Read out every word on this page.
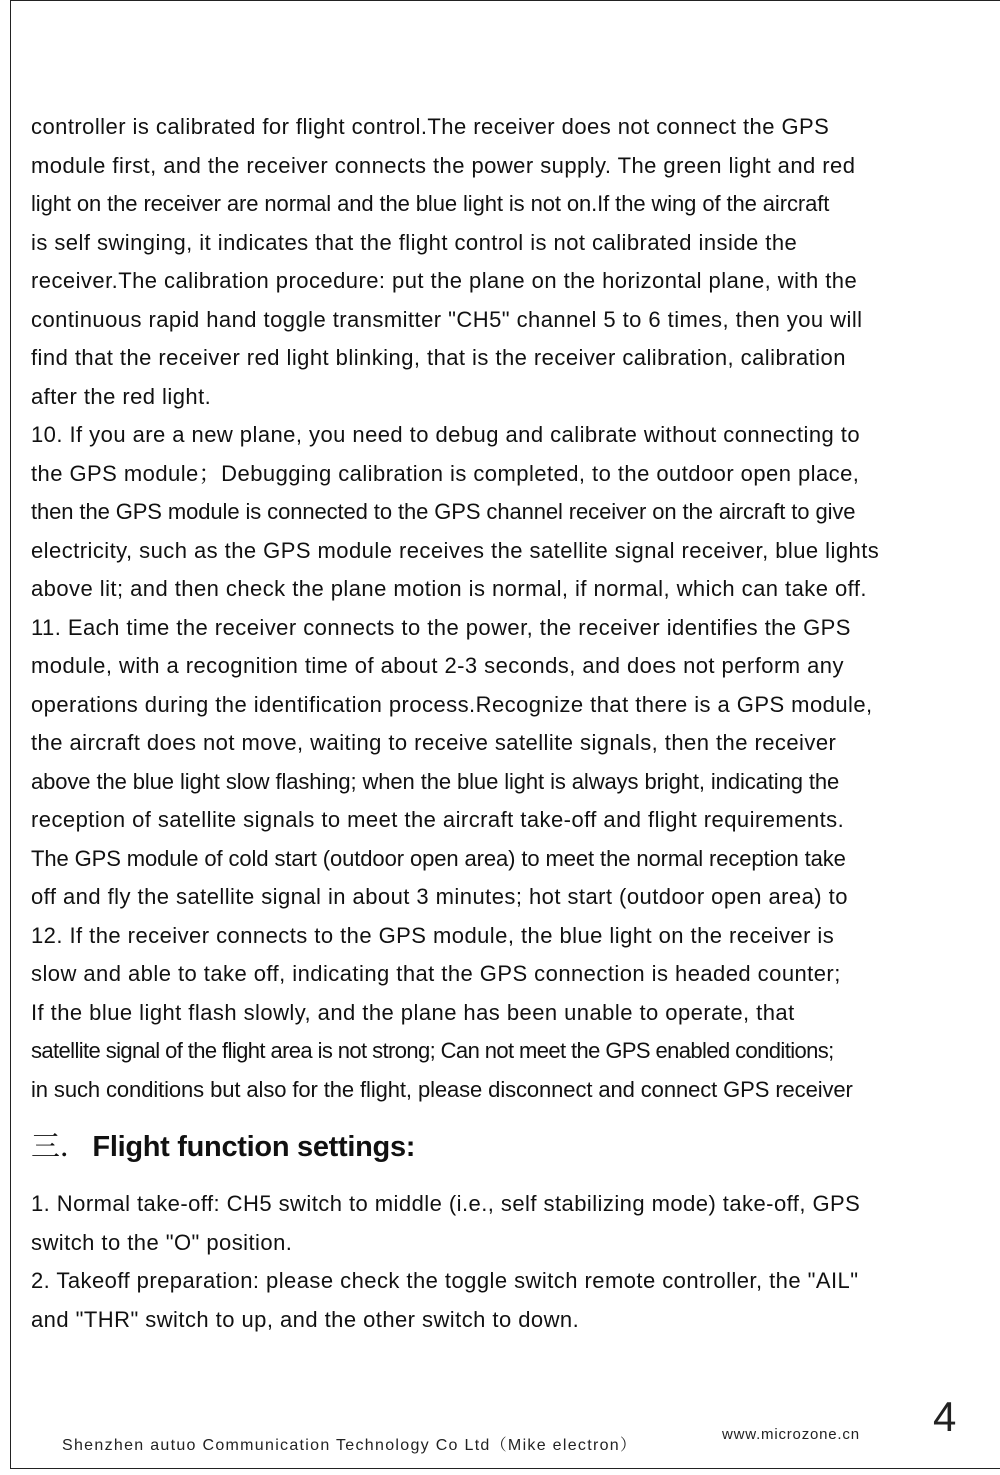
controller is calibrated for flight control.The receiver does not connect the GPS
module first, and the receiver connects the power supply. The green light and red
light on the receiver are normal and the blue light is not on.If the wing of the aircraft
is self swinging, it indicates that the flight control is not calibrated inside the
receiver.The calibration procedure: put the plane on the horizontal plane, with the
continuous rapid hand toggle transmitter "CH5" channel 5 to 6 times, then you will
find that the receiver red light blinking, that is the receiver calibration, calibration
after the red light.
10. If you are a new plane, you need to debug and calibrate without connecting to
the GPS module；Debugging calibration is completed, to the outdoor open place,
then the GPS module is connected to the GPS channel receiver on the aircraft to give
electricity, such as the GPS module receives the satellite signal receiver, blue lights
above lit; and then check the plane motion is normal, if normal, which can take off.
11. Each time the receiver connects to the power, the receiver identifies the GPS
module, with a recognition time of about 2-3 seconds, and does not perform any
operations during the identification process.Recognize that there is a GPS module,
the aircraft does not move, waiting to receive satellite signals, then the receiver
above the blue light slow flashing; when the blue light is always bright, indicating the
reception of satellite signals to meet the aircraft take-off and flight requirements.
The GPS module of cold start (outdoor open area) to meet the normal reception take
off and fly the satellite signal in about 3 minutes; hot start (outdoor open area) to
12. If the receiver connects to the GPS module, the blue light on the receiver is
slow and able to take off, indicating that the GPS connection is headed counter;
If the blue light flash slowly, and the plane has been unable to operate, that
satellite signal of the flight area is not strong; Can not meet the GPS enabled conditions;
in such conditions but also for the flight, please disconnect and connect GPS receiver
三． Flight function settings:
1. Normal take-off: CH5 switch to middle (i.e., self stabilizing mode) take-off, GPS
switch to the "O" position.
2. Takeoff preparation: please check the toggle switch remote controller, the "AIL"
and "THR" switch to up, and the other switch to down.
Shenzhen autuo Communication Technology Co Ltd（Mike electron）
www.microzone.cn 4
